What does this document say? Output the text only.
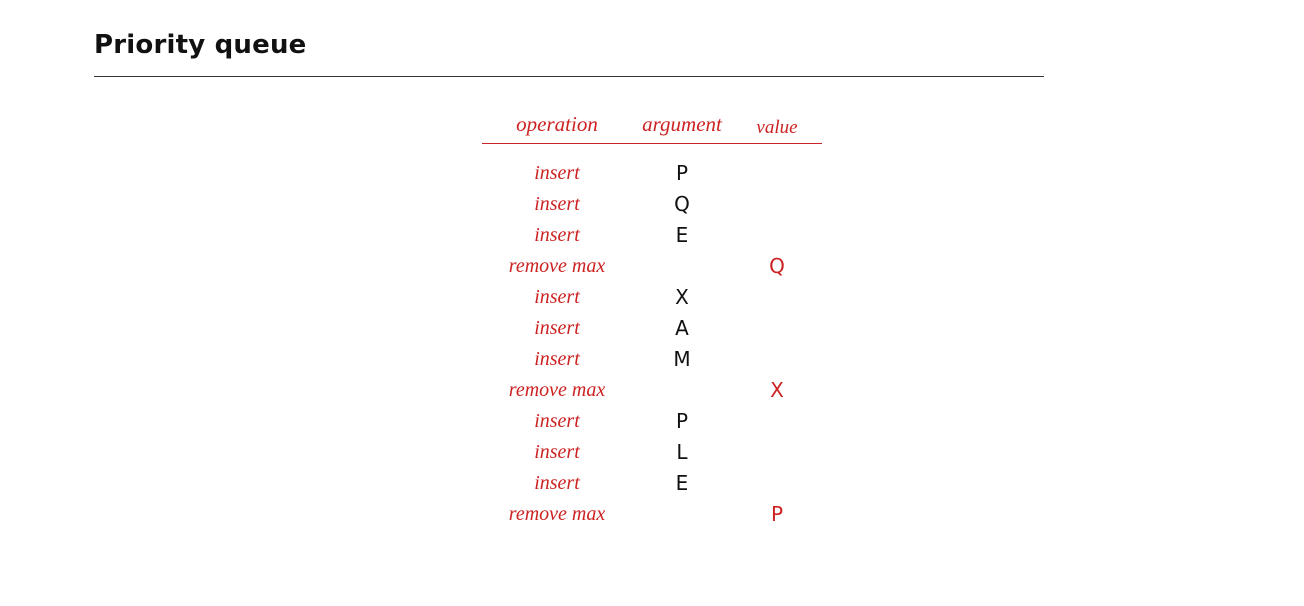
Priority queue
operation	argument	value

insert	P	
insert	Q	
insert	E	
remove max		Q
insert	X	
insert	A	
insert	M	
remove max		X
insert	P	
insert	L	
insert	E	
remove max		P
